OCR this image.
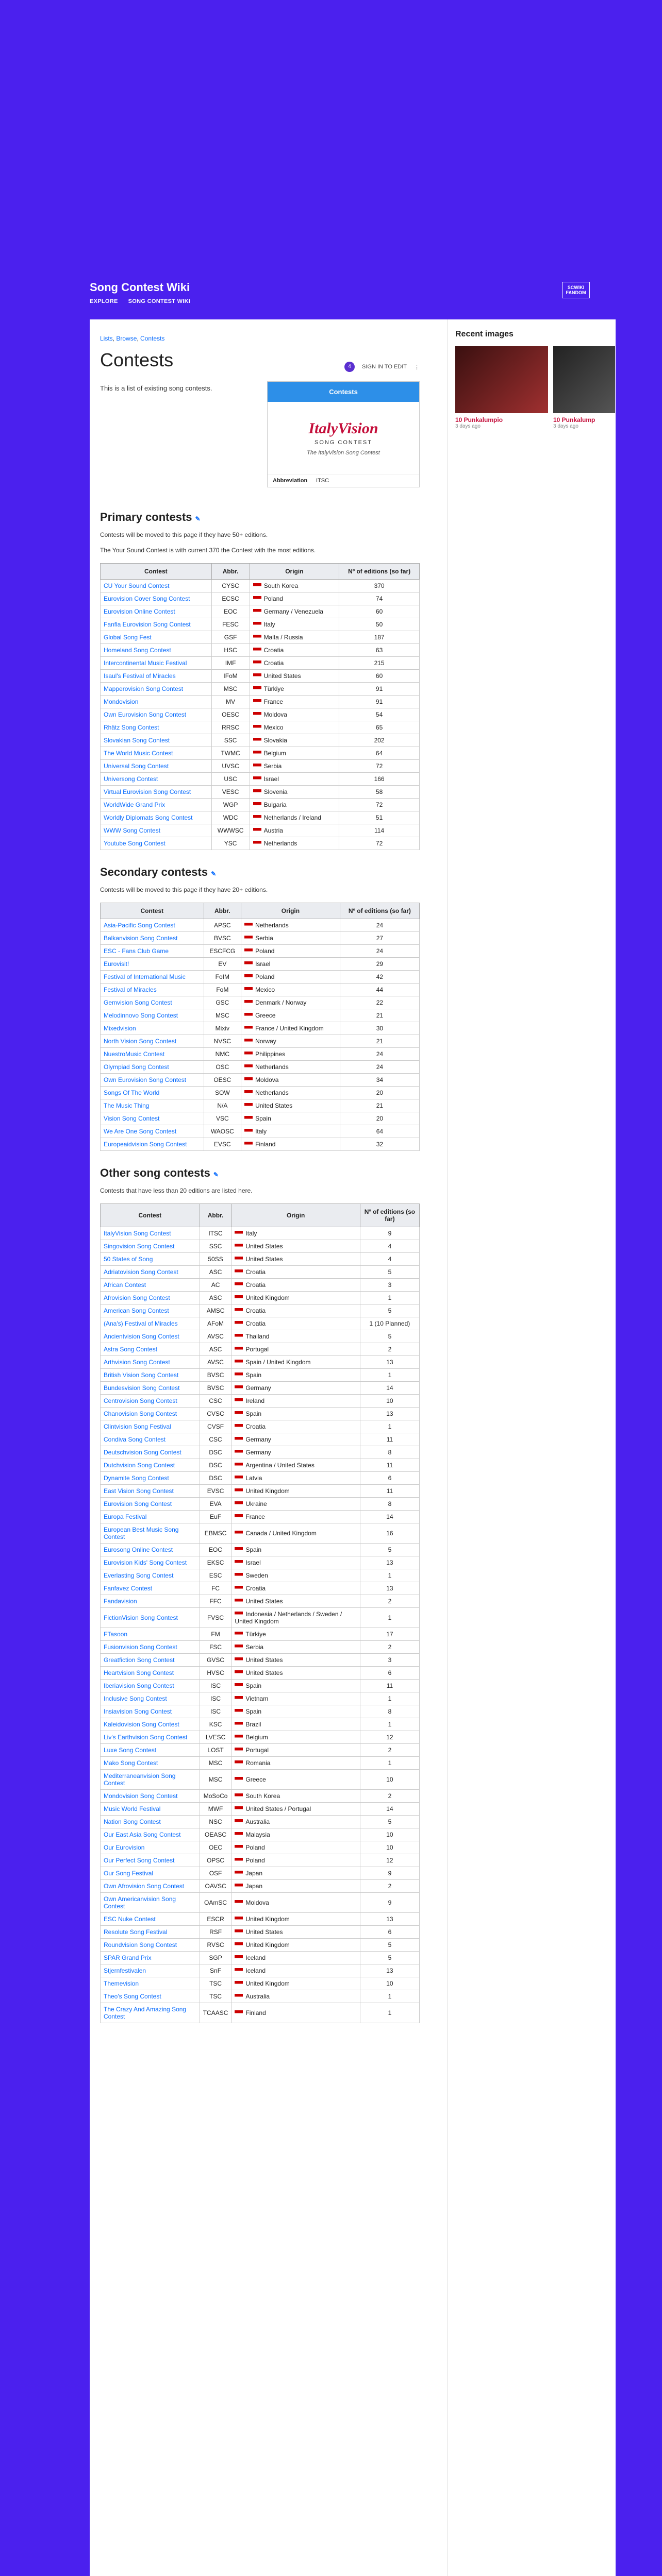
Song Contest Wiki
EXPLORE SONG CONTEST WIKI
SCWIKI FANDOM
Lists, Browse, Contests
Contests	4	SIGN IN TO EDIT ⋮

This is a list of existing song contests.	Contests
ItalyVision
SONG CONTEST
The ItalyVision Song Contest
Abbreviation ITSC
Primary contests ✎

Contests will be moved to this page if they have 50+ editions.

The Your Sound Contest is with current 370 the Contest with the most editions.

Contest	Abbr.	Origin	Nº of editions (so far)
CU Your Sound Contest	CYSC	South Korea	370
Eurovision Cover Song Contest	ECSC	Poland	74
Eurovision Online Contest	EOC	Germany / Venezuela	60
Fanfla Eurovision Song Contest	FESC	Italy	50
Global Song Fest	GSF	Malta / Russia	187
Homeland Song Contest	HSC	Croatia	63
Intercontinental Music Festival	IMF	Croatia	215
Isaul's Festival of Miracles	IFoM	United States	60
Mapperovision Song Contest	MSC	Türkiye	91
Mondovision	MV	France	91
Own Eurovision Song Contest	OESC	Moldova	54
Rhätz Song Contest	RRSC	Mexico	65
Slovakian Song Contest	SSC	Slovakia	202
The World Music Contest	TWMC	Belgium	64
Universal Song Contest	UVSC	Serbia	72
Universong Contest	USC	Israel	166
Virtual Eurovision Song Contest	VESC	Slovenia	58
WorldWide Grand Prix	WGP	Bulgaria	72
Worldly Diplomats Song Contest	WDC	Netherlands / Ireland	51
WWW Song Contest	WWWSC	Austria	114
Youtube Song Contest	YSC	Netherlands	72
Secondary contests ✎

Contests will be moved to this page if they have 20+ editions.

Contest	Abbr.	Origin	Nº of editions (so far)
Asia-Pacific Song Contest	APSC	Netherlands	24
Balkanvision Song Contest	BVSC	Serbia	27
ESC - Fans Club Game	ESCFCG	Poland	24
Eurovisit!	EV	Israel	29
Festival of International Music	FoIM	Poland	42
Festival of Miracles	FoM	Mexico	44
Gemvision Song Contest	GSC	Denmark / Norway	22
Melodinnovo Song Contest	MSC	Greece	21
Mixedvision	Mixiv	France / United Kingdom	30
North Vision Song Contest	NVSC	Norway	21
NuestroMusic Contest	NMC	Philippines	24
Olympiad Song Contest	OSC	Netherlands	24
Own Eurovision Song Contest	OESC	Moldova	34
Songs Of The World	SOW	Netherlands	20
The Music Thing	N/A	United States	21
Vision Song Contest	VSC	Spain	20
We Are One Song Contest	WAOSC	Italy	64
Europeaidvision Song Contest	EVSC	Finland	32
Other song contests ✎

Contests that have less than 20 editions are listed here.

Contest	Abbr.	Origin	Nº of editions (so far)
ItalyVision Song Contest	ITSC	Italy	9
Singovision Song Contest	SSC	United States	4
50 States of Song	50SS	United States	4
Adriatovision Song Contest	ASC	Croatia	5
African Contest	AC	Croatia	3
Afrovision Song Contest	ASC	United Kingdom	1
American Song Contest	AMSC	Croatia	5
(Ana's) Festival of Miracles	AFoM	Croatia	1 (10 Planned)
Ancientvision Song Contest	AVSC	Thailand	5
Astra Song Contest	ASC	Portugal	2
Arthvision Song Contest	AVSC	Spain / United Kingdom	13
British Vision Song Contest	BVSC	Spain	1
Bundesvision Song Contest	BVSC	Germany	14
Centrovision Song Contest	CSC	Ireland	10
Chanovision Song Contest	CVSC	Spain	13
Clintvision Song Festival	CVSF	Croatia	1
Condiva Song Contest	CSC	Germany	11
Deutschvision Song Contest	DSC	Germany	8
Dutchvision Song Contest	DSC	Argentina / United States	11
Dynamite Song Contest	DSC	Latvia	6
East Vision Song Contest	EVSC	United Kingdom	11
Eurovision Song Contest	EVA	Ukraine	8
Europa Festival	EuF	France	14
European Best Music Song Contest	EBMSC	Canada / United Kingdom	16
Eurosong Online Contest	EOC	Spain	5
Eurovision Kids' Song Contest	EKSC	Israel	13
Everlasting Song Contest	ESC	Sweden	1
Fanfavez Contest	FC	Croatia	13
Fandavision	FFC	United States	2
FictionVision Song Contest	FVSC	Indonesia / Netherlands / Sweden / United Kingdom	1
FTasoon	FM	Türkiye	17
Fusionvision Song Contest	FSC	Serbia	2
Greatfiction Song Contest	GVSC	United States	3
Heartvision Song Contest	HVSC	United States	6
Iberiavision Song Contest	ISC	Spain	11
Inclusive Song Contest	ISC	Vietnam	1
Insiavision Song Contest	ISC	Spain	8
Kaleidovision Song Contest	KSC	Brazil	1
Liv's Earthvision Song Contest	LVESC	Belgium	12
Luxe Song Contest	LOST	Portugal	2
Mako Song Contest	MSC	Romania	1
Mediterraneanvision Song Contest	MSC	Greece	10
Mondovision Song Contest	MoSoCo	South Korea	2
Music World Festival	MWF	United States / Portugal	14
Nation Song Contest	NSC	Australia	5
Our East Asia Song Contest	OEASC	Malaysia	10
Our Eurovision	OEC	Poland	10
Our Perfect Song Contest	OPSC	Poland	12
Our Song Festival	OSF	Japan	9
Own Afrovision Song Contest	OAVSC	Japan	2
Own Americanvision Song Contest	OAmSC	Moldova	9
ESC Nuke Contest	ESCR	United Kingdom	13
Resolute Song Festival	RSF	United States	6
Roundvision Song Contest	RVSC	United Kingdom	5
SPAR Grand Prix	SGP	Iceland	5
Stjernfestivalen	SnF	Iceland	13
Themevision	TSC	United Kingdom	10
Theo's Song Contest	TSC	Australia	1
The Crazy And Amazing Song Contest	TCAASC	Finland	1
Recent images
10 Punkalumpio
3 days ago
10 Punkalump
3 days ago
